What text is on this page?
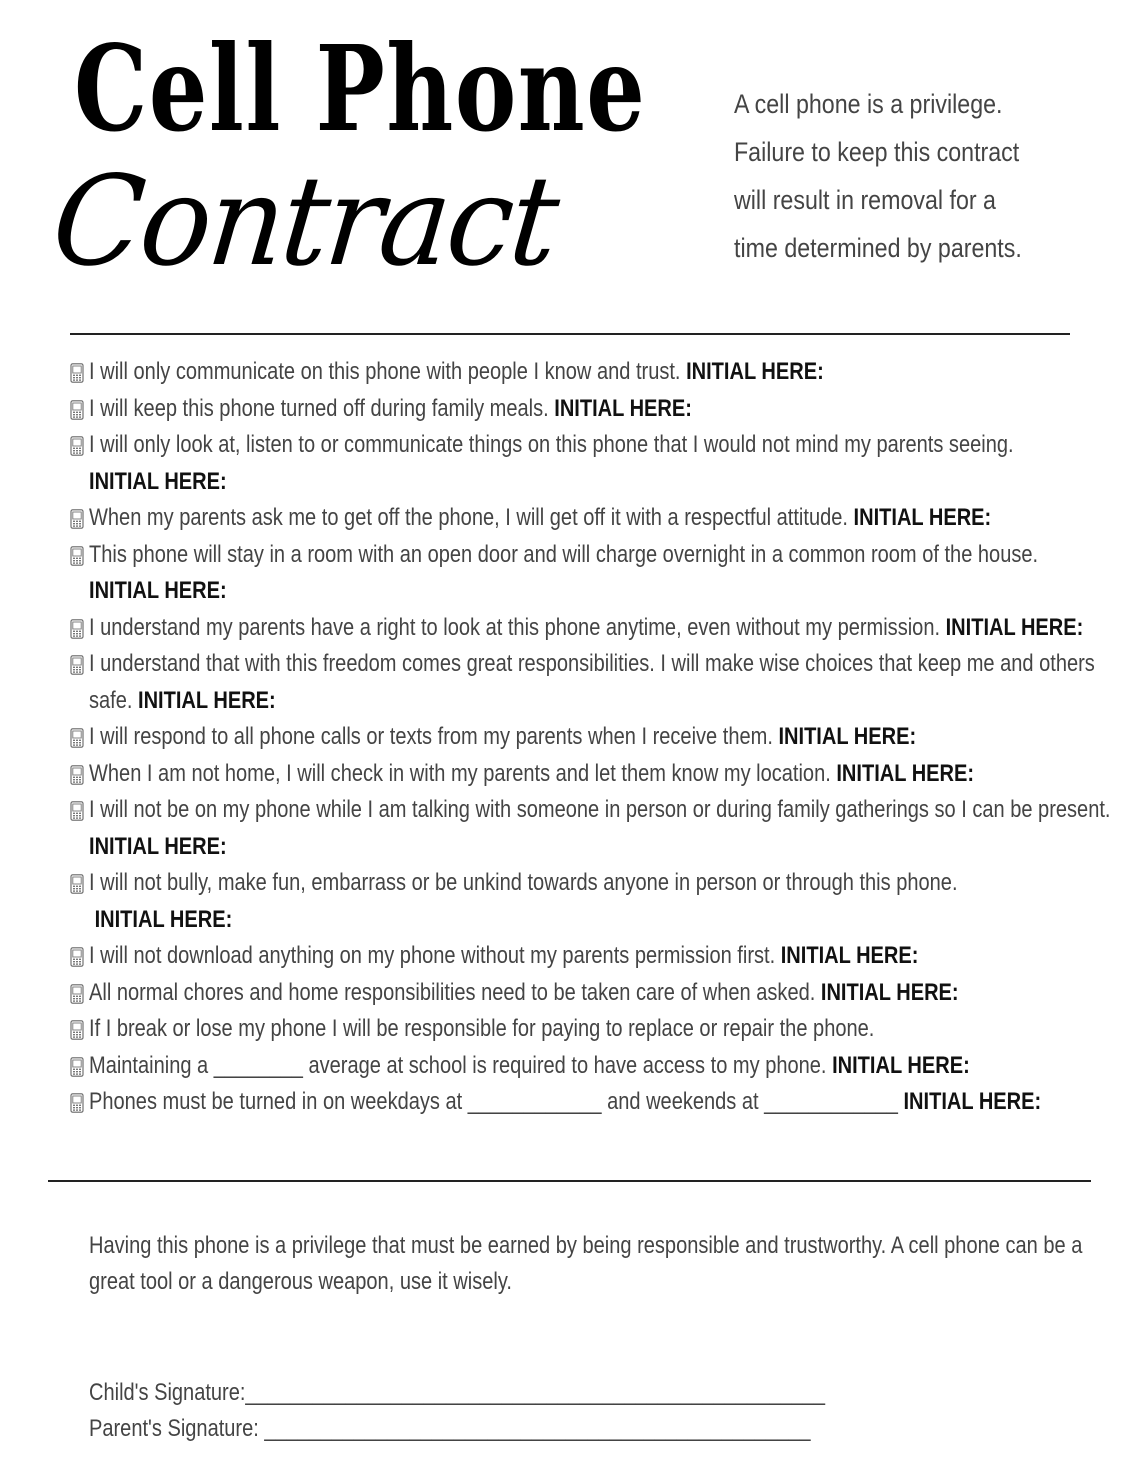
Cell Phone
Contract

A cell phone is a privilege.
Failure to keep this contract
will result in removal for a
time determined by parents.

I will only communicate on this phone with people I know and trust. INITIAL HERE:
I will keep this phone turned off during family meals. INITIAL HERE:
I will only look at, listen to or communicate things on this phone that I would not mind my parents seeing.
INITIAL HERE:
When my parents ask me to get off the phone, I will get off it with a respectful attitude. INITIAL HERE:
This phone will stay in a room with an open door and will charge overnight in a common room of the house.
INITIAL HERE:
I understand my parents have a right to look at this phone anytime, even without my permission. INITIAL HERE:
I understand that with this freedom comes great responsibilities. I will make wise choices that keep me and others safe. INITIAL HERE:
I will respond to all phone calls or texts from my parents when I receive them. INITIAL HERE:
When I am not home, I will check in with my parents and let them know my location. INITIAL HERE:
I will not be on my phone while I am talking with someone in person or during family gatherings so I can be present. INITIAL HERE:
I will not bully, make fun, embarrass or be unkind towards anyone in person or through this phone.
INITIAL HERE:
I will not download anything on my phone without my parents permission first. INITIAL HERE:
All normal chores and home responsibilities need to be taken care of when asked. INITIAL HERE:
If I break or lose my phone I will be responsible for paying to replace or repair the phone.
Maintaining a ________ average at school is required to have access to my phone. INITIAL HERE:
Phones must be turned in on weekdays at ____________ and weekends at ____________ INITIAL HERE:

Having this phone is a privilege that must be earned by being responsible and trustworthy. A cell phone can be a great tool or a dangerous weapon, use it wisely.

Child's Signature:____________________________________________________

Parent's Signature: _________________________________________________
